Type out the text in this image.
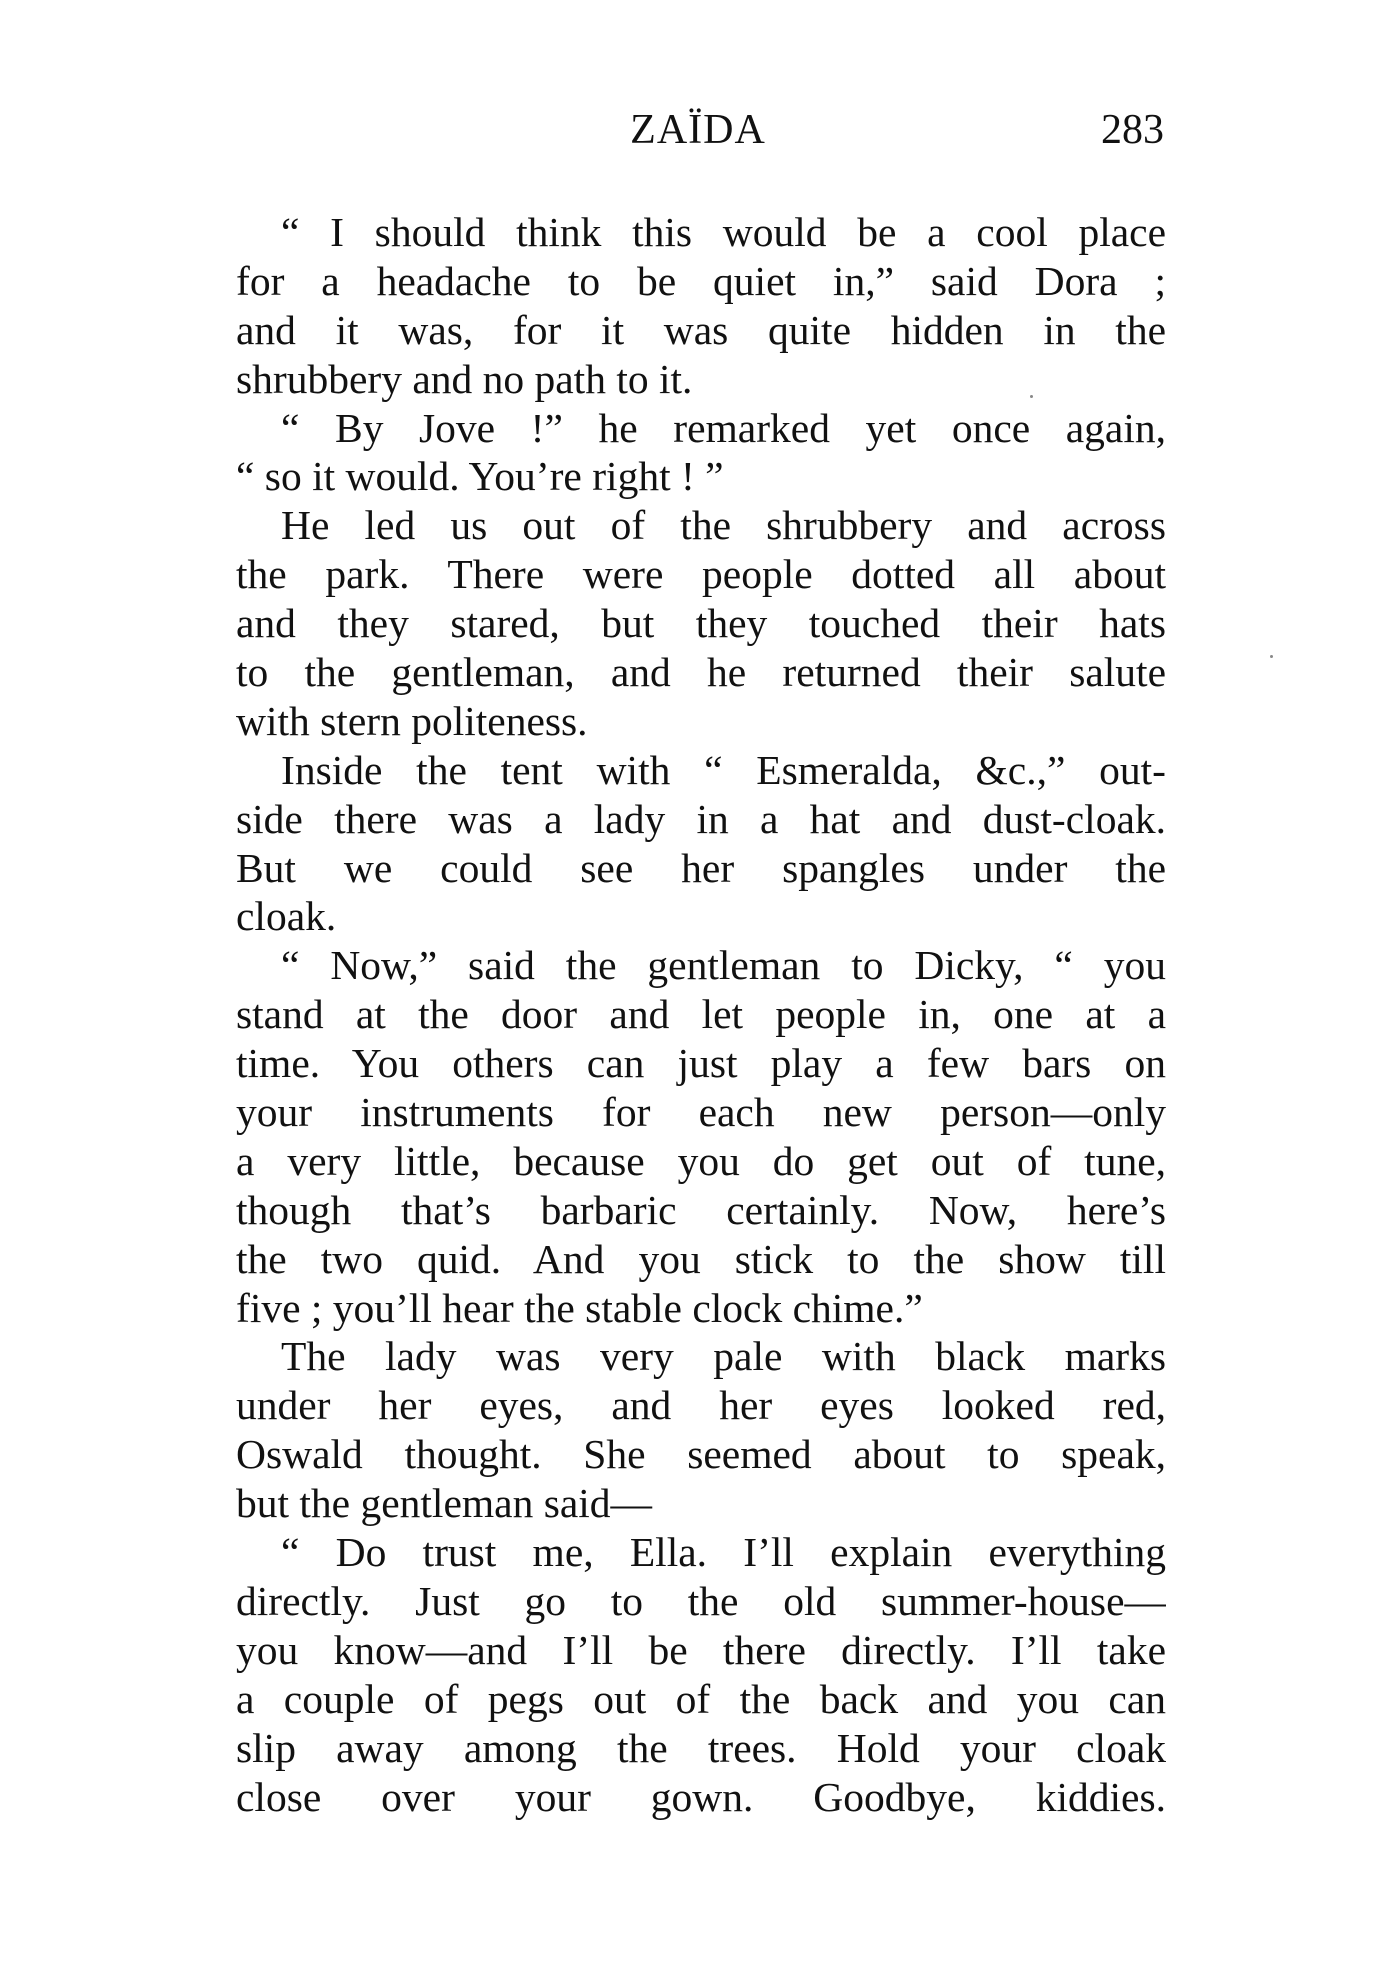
ZAÏDA	283
“ I should think this would be a cool place
for a headache to be quiet in,” said Dora ;
and it was, for it was quite hidden in the
shrubbery and no path to it.
“ By Jove !” he remarked yet once again,
“ so it would. You’re right ! ”
He led us out of the shrubbery and across
the park. There were people dotted all about
and they stared, but they touched their hats
to the gentleman, and he returned their salute
with stern politeness.
Inside the tent with “ Esmeralda, &c.,” out-
side there was a lady in a hat and dust-cloak.
But we could see her spangles under the
cloak.
“ Now,” said the gentleman to Dicky, “ you
stand at the door and let people in, one at a
time. You others can just play a few bars on
your instruments for each new person—only
a very little, because you do get out of tune,
though that’s barbaric certainly. Now, here’s
the two quid. And you stick to the show till
five ; you’ll hear the stable clock chime.”
The lady was very pale with black marks
under her eyes, and her eyes looked red,
Oswald thought. She seemed about to speak,
but the gentleman said—
“ Do trust me, Ella. I’ll explain everything
directly. Just go to the old summer-house—
you know—and I’ll be there directly. I’ll take
a couple of pegs out of the back and you can
slip away among the trees. Hold your cloak
close over your gown. Goodbye, kiddies.
